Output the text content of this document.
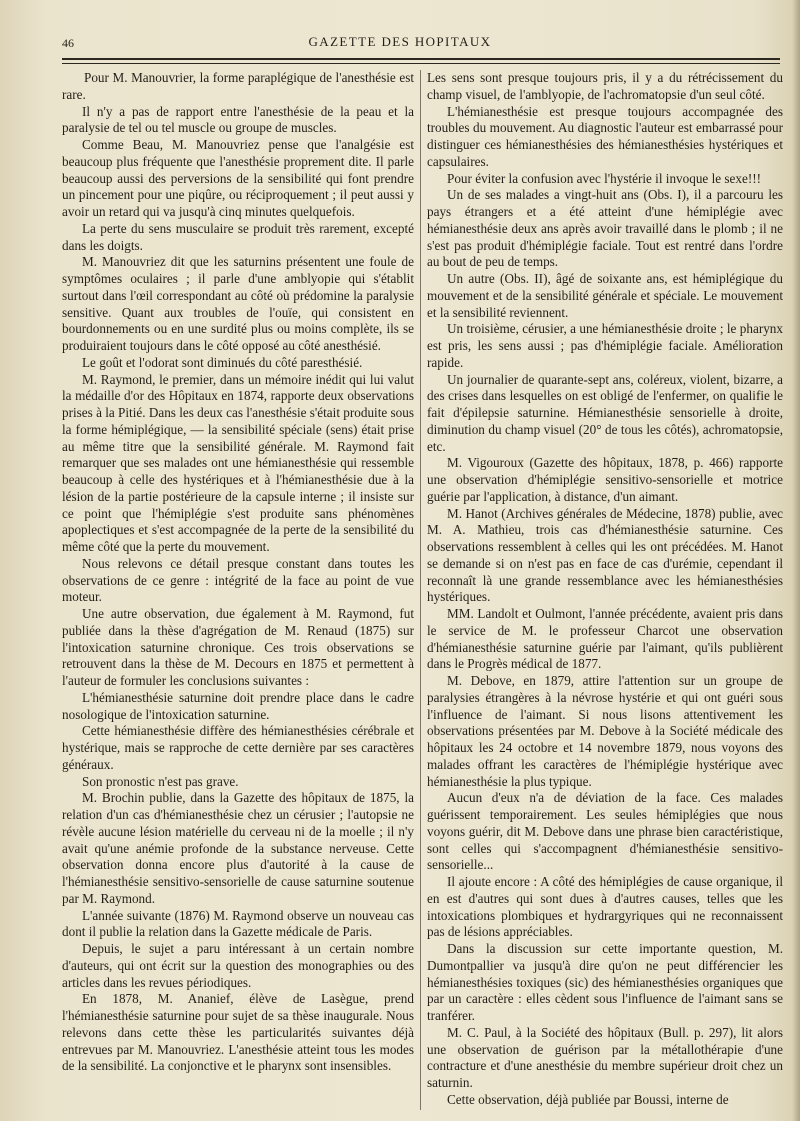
46	GAZETTE DES HOPITAUX

Pour M. Manouvrier, la forme paraplégique de l'anesthésie est rare.

Il n'y a pas de rapport entre l'anesthésie de la peau et la paralysie de tel ou tel muscle ou groupe de muscles.

Comme Beau, M. Manouvriez pense que l'analgésie est beaucoup plus fréquente que l'anesthésie proprement dite. Il parle beaucoup aussi des perversions de la sensibilité qui font prendre un pincement pour une piqûre, ou réciproquement ; il peut aussi y avoir un retard qui va jusqu'à cinq minutes quelquefois.

La perte du sens musculaire se produit très rarement, excepté dans les doigts.

M. Manouvriez dit que les saturnins présentent une foule de symptômes oculaires ; il parle d'une amblyopie qui s'établit surtout dans l'œil correspondant au côté où prédomine la paralysie sensitive. Quant aux troubles de l'ouïe, qui consistent en bourdonnements ou en une surdité plus ou moins complète, ils se produiraient toujours dans le côté opposé au côté anesthésié.

Le goût et l'odorat sont diminués du côté paresthésié.

M. Raymond, le premier, dans un mémoire inédit qui lui valut la médaille d'or des Hôpitaux en 1874, rapporte deux observations prises à la Pitié. Dans les deux cas l'anesthésie s'était produite sous la forme hémiplégique, — la sensibilité spéciale (sens) était prise au même titre que la sensibilité générale. M. Raymond fait remarquer que ses malades ont une hémianesthésie qui ressemble beaucoup à celle des hystériques et à l'hémianesthésie due à la lésion de la partie postérieure de la capsule interne ; il insiste sur ce point que l'hémiplégie s'est produite sans phénomènes apoplectiques et s'est accompagnée de la perte de la sensibilité du même côté que la perte du mouvement.

Nous relevons ce détail presque constant dans toutes les observations de ce genre : intégrité de la face au point de vue moteur.

Une autre observation, due également à M. Raymond, fut publiée dans la thèse d'agrégation de M. Renaud (1875) sur l'intoxication saturnine chronique. Ces trois observations se retrouvent dans la thèse de M. Decours en 1875 et permettent à l'auteur de formuler les conclusions suivantes :

L'hémianesthésie saturnine doit prendre place dans le cadre nosologique de l'intoxication saturnine.

Cette hémianesthésie diffère des hémianesthésies cérébrale et hystérique, mais se rapproche de cette dernière par ses caractères généraux.

Son pronostic n'est pas grave.

M. Brochin publie, dans la Gazette des hôpitaux de 1875, la relation d'un cas d'hémianesthésie chez un cérusier ; l'autopsie ne révèle aucune lésion matérielle du cerveau ni de la moelle ; il n'y avait qu'une anémie profonde de la substance nerveuse. Cette observation donna encore plus d'autorité à la cause de l'hémianesthésie sensitivo-sensorielle de cause saturnine soutenue par M. Raymond.

L'année suivante (1876) M. Raymond observe un nouveau cas dont il publie la relation dans la Gazette médicale de Paris.

Depuis, le sujet a paru intéressant à un certain nombre d'auteurs, qui ont écrit sur la question des monographies ou des articles dans les revues périodiques.

En 1878, M. Ananief, élève de Lasègue, prend l'hémianesthésie saturnine pour sujet de sa thèse inaugurale. Nous relevons dans cette thèse les particularités suivantes déjà entrevues par M. Manouvriez. L'anesthésie atteint tous les modes de la sensibilité. La conjonctive et le pharynx sont insensibles.

Les sens sont presque toujours pris, il y a du rétrécissement du champ visuel, de l'amblyopie, de l'achromatopsie d'un seul côté.

L'hémianesthésie est presque toujours accompagnée des troubles du mouvement. Au diagnostic l'auteur est embarrassé pour distinguer ces hémianesthésies des hémianesthésies hystériques et capsulaires.

Pour éviter la confusion avec l'hystérie il invoque le sexe!!!

Un de ses malades a vingt-huit ans (Obs. I), il a parcouru les pays étrangers et a été atteint d'une hémiplégie avec hémianesthésie deux ans après avoir travaillé dans le plomb ; il ne s'est pas produit d'hémiplégie faciale. Tout est rentré dans l'ordre au bout de peu de temps.

Un autre (Obs. II), âgé de soixante ans, est hémiplégique du mouvement et de la sensibilité générale et spéciale. Le mouvement et la sensibilité reviennent.

Un troisième, cérusier, a une hémianesthésie droite ; le pharynx est pris, les sens aussi ; pas d'hémiplégie faciale. Amélioration rapide.

Un journalier de quarante-sept ans, coléreux, violent, bizarre, a des crises dans lesquelles on est obligé de l'enfermer, on qualifie le fait d'épilepsie saturnine. Hémianesthésie sensorielle à droite, diminution du champ visuel (20° de tous les côtés), achromatopsie, etc.

M. Vigouroux (Gazette des hôpitaux, 1878, p. 466) rapporte une observation d'hémiplégie sensitivo-sensorielle et motrice guérie par l'application, à distance, d'un aimant.

M. Hanot (Archives générales de Médecine, 1878) publie, avec M. A. Mathieu, trois cas d'hémianesthésie saturnine. Ces observations ressemblent à celles qui les ont précédées. M. Hanot se demande si on n'est pas en face de cas d'urémie, cependant il reconnaît là une grande ressemblance avec les hémianesthésies hystériques.

MM. Landolt et Oulmont, l'année précédente, avaient pris dans le service de M. le professeur Charcot une observation d'hémianesthésie saturnine guérie par l'aimant, qu'ils publièrent dans le Progrès médical de 1877.

M. Debove, en 1879, attire l'attention sur un groupe de paralysies étrangères à la névrose hystérie et qui ont guéri sous l'influence de l'aimant. Si nous lisons attentivement les observations présentées par M. Debove à la Société médicale des hôpitaux les 24 octobre et 14 novembre 1879, nous voyons des malades offrant les caractères de l'hémiplégie hystérique avec hémianesthésie la plus typique.

Aucun d'eux n'a de déviation de la face. Ces malades guérissent temporairement. Les seules hémiplégies que nous voyons guérir, dit M. Debove dans une phrase bien caractéristique, sont celles qui s'accompagnent d'hémianesthésie sensitivo-sensorielle...

Il ajoute encore : A côté des hémiplégies de cause organique, il en est d'autres qui sont dues à d'autres causes, telles que les intoxications plombiques et hydrargyriques qui ne reconnaissent pas de lésions appréciables.

Dans la discussion sur cette importante question, M. Dumontpallier va jusqu'à dire qu'on ne peut différencier les hémianesthésies toxiques (sic) des hémianesthésies organiques que par un caractère : elles cèdent sous l'influence de l'aimant sans se tranférer.

M. C. Paul, à la Société des hôpitaux (Bull. p. 297), lit alors une observation de guérison par la métallothérapie d'une contracture et d'une anesthésie du membre supérieur droit chez un saturnin.

Cette observation, déjà publiée par Boussi, interne de
